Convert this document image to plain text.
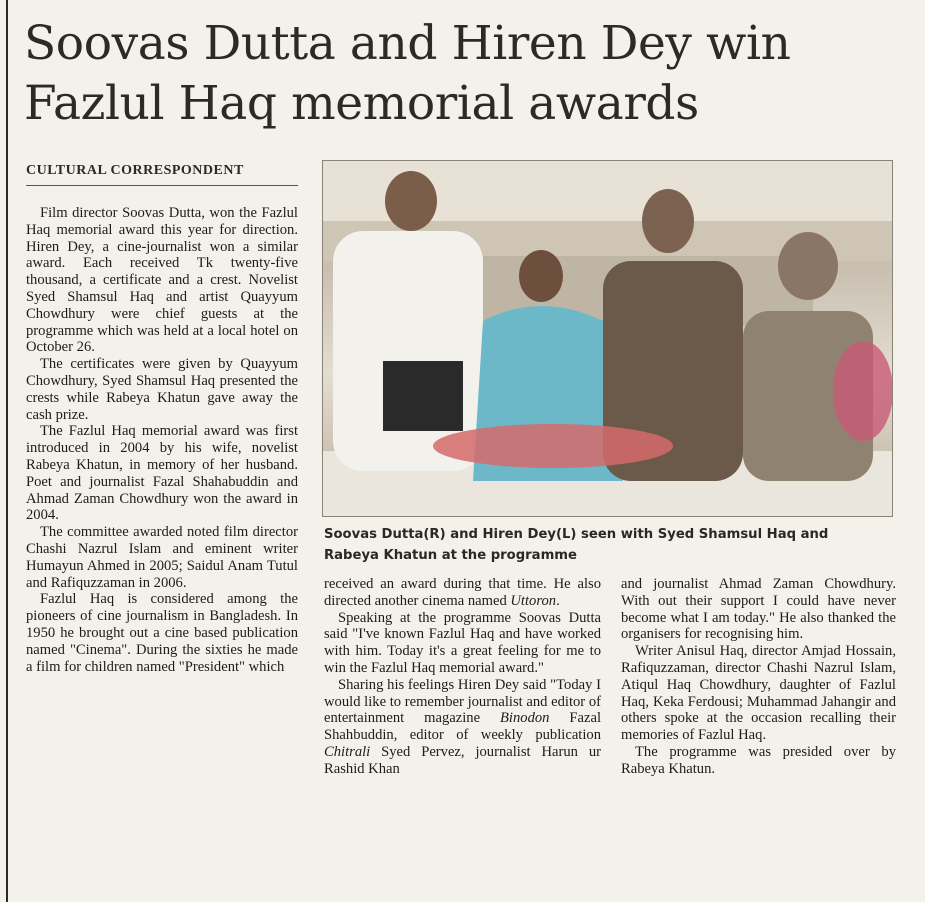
Soovas Dutta and Hiren Dey win
Fazlul Haq memorial awards
CULTURAL CORRESPONDENT

Film director Soovas Dutta, won the Fazlul Haq memorial award this year for direction. Hiren Dey, a cine-journalist won a similar award. Each received Tk twenty-five thousand, a certificate and a crest. Novelist Syed Shamsul Haq and artist Quayyum Chowdhury were chief guests at the programme which was held at a local hotel on October 26.

The certificates were given by Quayyum Chowdhury, Syed Shamsul Haq presented the crests while Rabeya Khatun gave away the cash prize.

The Fazlul Haq memorial award was first introduced in 2004 by his wife, novelist Rabeya Khatun, in memory of her husband. Poet and journalist Fazal Shahabuddin and Ahmad Zaman Chowdhury won the award in 2004.

The committee awarded noted film director Chashi Nazrul Islam and eminent writer Humayun Ahmed in 2005; Saidul Anam Tutul and Rafiquzzaman in 2006.

Fazlul Haq is considered among the pioneers of cine journalism in Bangladesh. In 1950 he brought out a cine based publication named "Cinema". During the sixties he made a film for children named "President" which

Soovas Dutta(R) and Hiren Dey(L) seen with Syed Shamsul Haq and
Rabeya Khatun at the programme

received an award during that time. He also directed another cinema named Uttoron.

Speaking at the programme Soovas Dutta said "I've known Fazlul Haq and have worked with him. Today it's a great feeling for me to win the Fazlul Haq memorial award."

Sharing his feelings Hiren Dey said "Today I would like to remember journalist and editor of entertainment magazine Binodon Fazal Shahbuddin, editor of weekly publication Chitrali Syed Pervez, journalist Harun ur Rashid Khan

and journalist Ahmad Zaman Chowdhury. With out their support I could have never become what I am today." He also thanked the organisers for recognising him.

Writer Anisul Haq, director Amjad Hossain, Rafiquzzaman, director Chashi Nazrul Islam, Atiqul Haq Chowdhury, daughter of Fazlul Haq, Keka Ferdousi; Muhammad Jahangir and others spoke at the occasion recalling their memories of Fazlul Haq.

The programme was presided over by Rabeya Khatun.
